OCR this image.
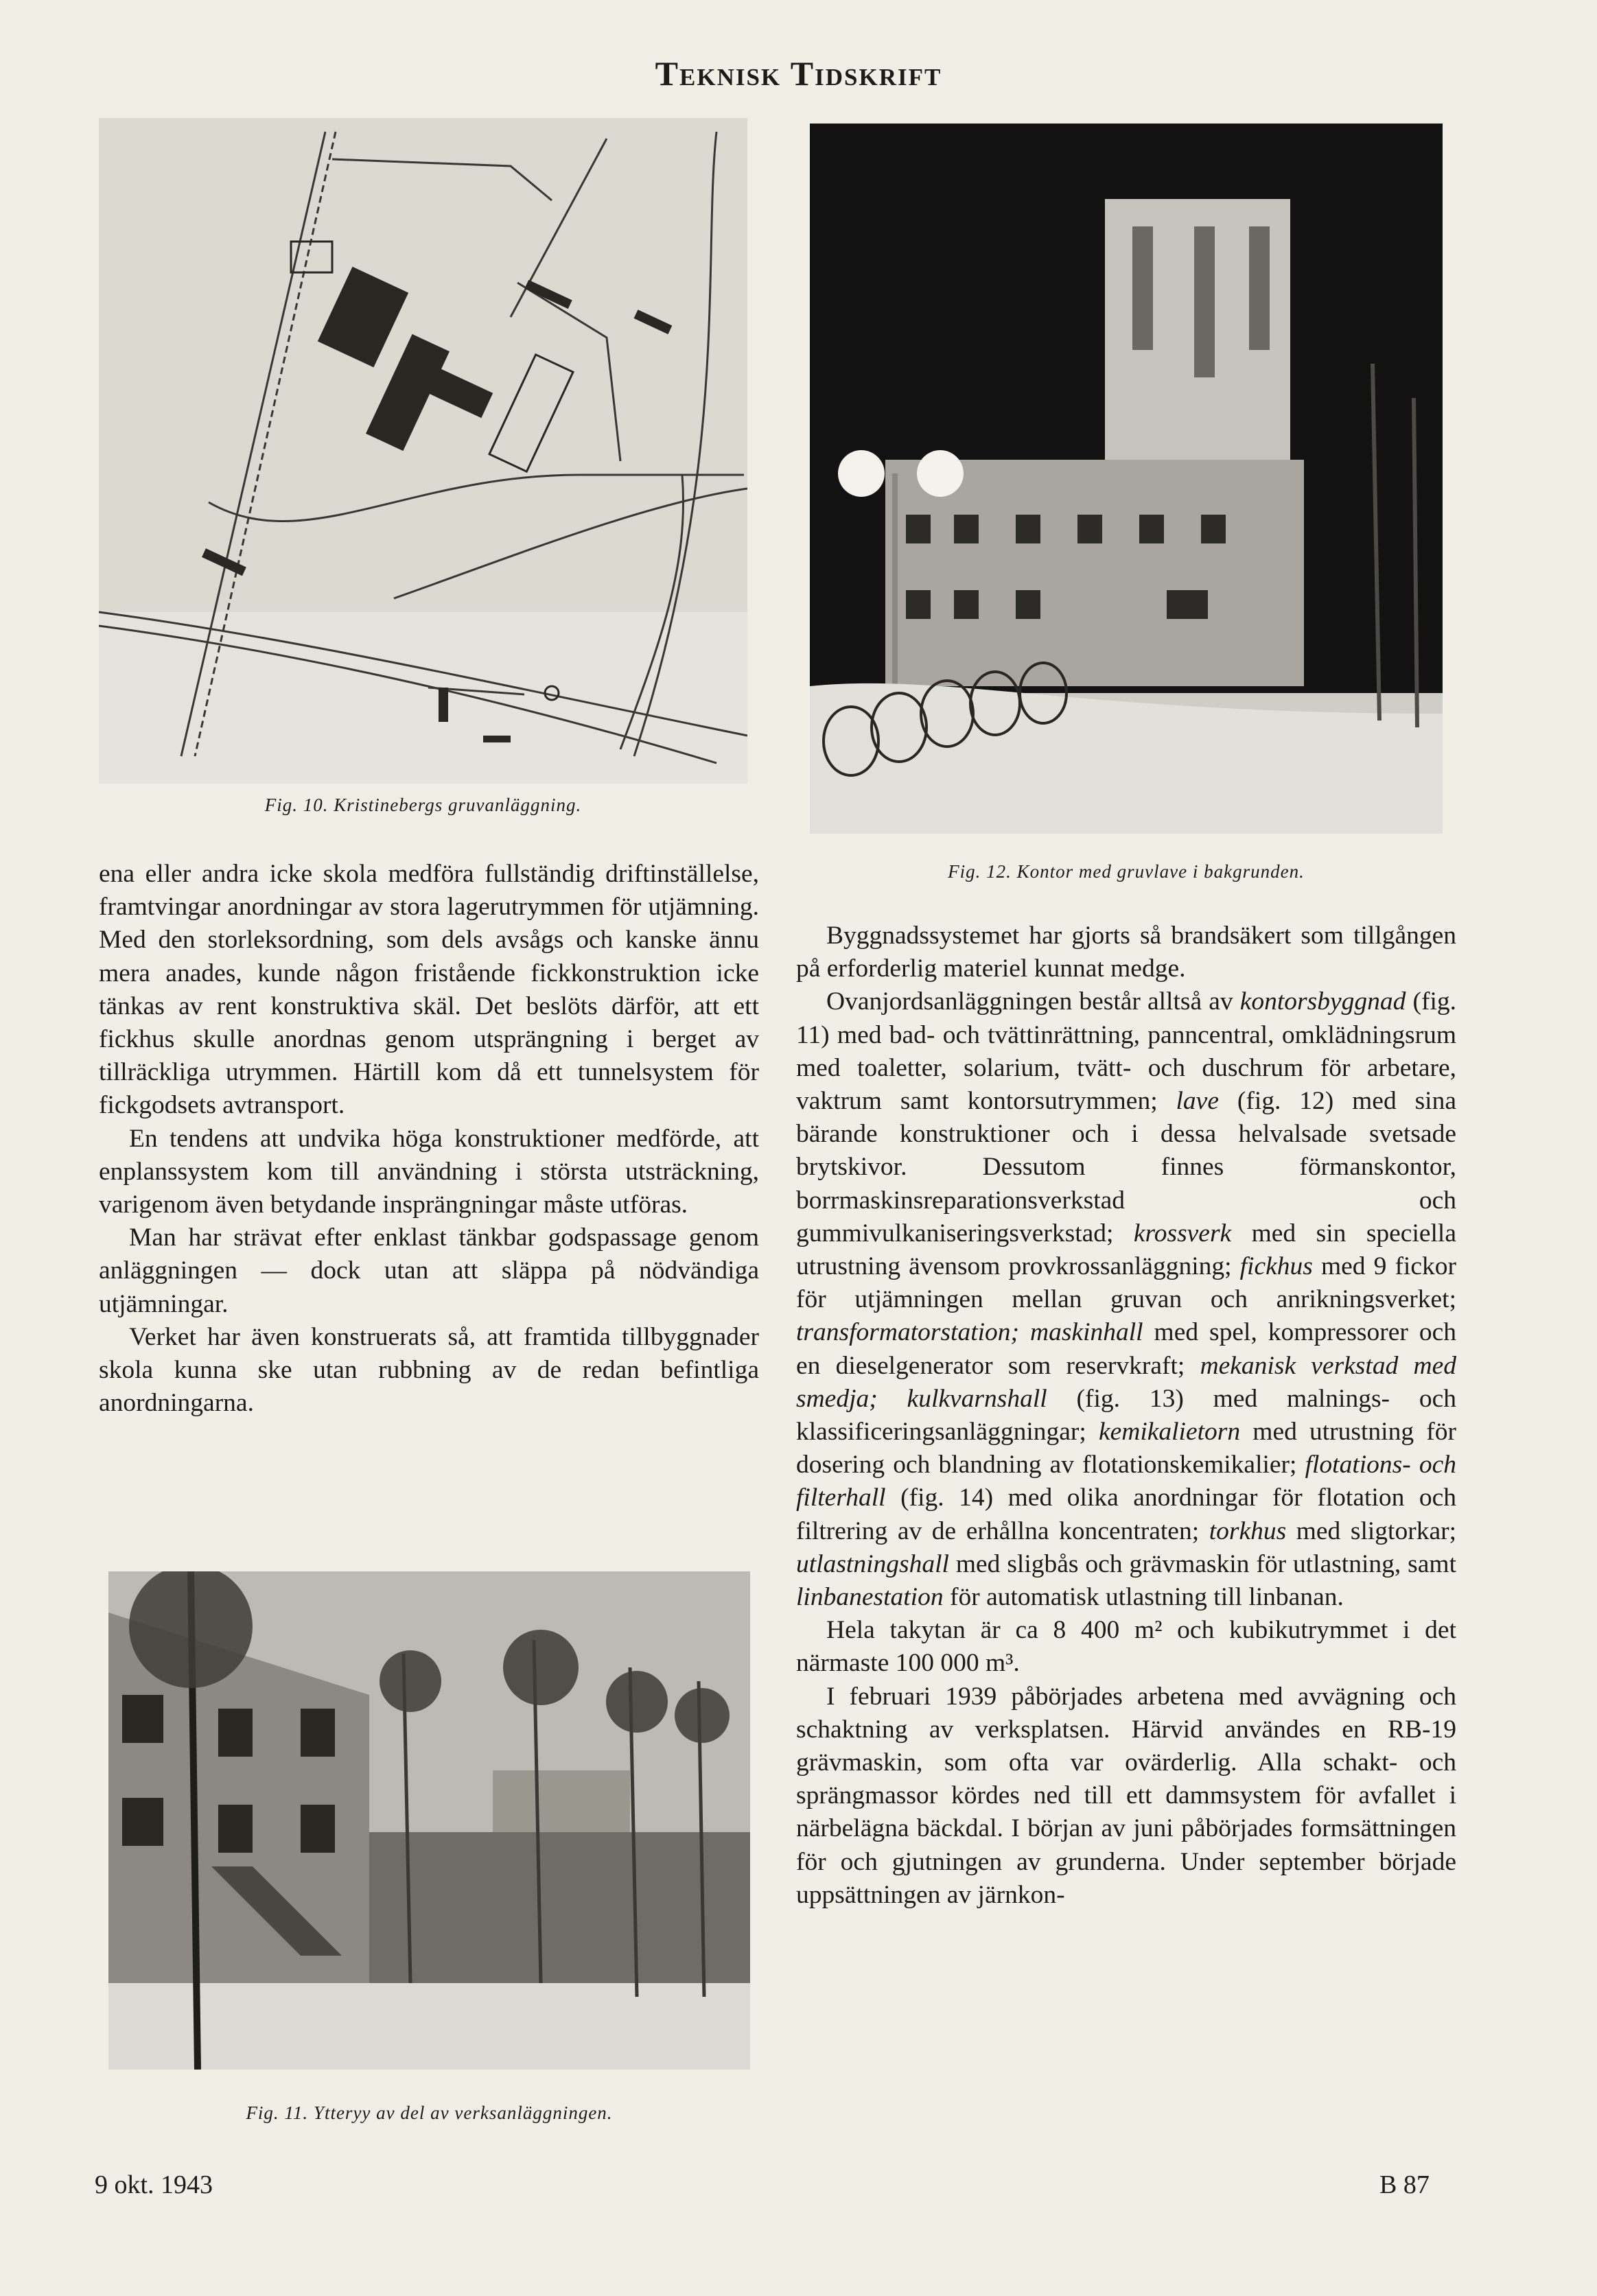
Teknisk Tidskrift
Fig. 10. Kristinebergs gruvanläggning.
Fig. 12. Kontor med gruvlave i bakgrunden.

ena eller andra icke skola medföra fullständig driftinställelse, framtvingar anordningar av stora lagerutrymmen för utjämning. Med den storleksordning, som dels avsågs och kanske ännu mera anades, kunde någon fristående fickkonstruktion icke tänkas av rent konstruktiva skäl. Det beslöts därför, att ett fickhus skulle anordnas genom utsprängning i berget av tillräckliga utrymmen. Härtill kom då ett tunnelsystem för fickgodsets avtransport.

En tendens att undvika höga konstruktioner medförde, att enplanssystem kom till användning i största utsträckning, varigenom även betydande insprängningar måste utföras.

Man har strävat efter enklast tänkbar godspassage genom anläggningen — dock utan att släppa på nödvändiga utjämningar.

Verket har även konstruerats så, att framtida tillbyggnader skola kunna ske utan rubbning av de redan befintliga anordningarna.

Fig. 11. Ytteryy av del av verksanläggningen.

Byggnadssystemet har gjorts så brandsäkert som tillgången på erforderlig materiel kunnat medge.

Ovanjordsanläggningen består alltså av kontorsbyggnad (fig. 11) med bad- och tvättinrättning, panncentral, omklädningsrum med toaletter, solarium, tvätt- och duschrum för arbetare, vaktrum samt kontorsutrymmen; lave (fig. 12) med sina bärande konstruktioner och i dessa helvalsade svetsade brytskivor. Dessutom finnes förmanskontor, borrmaskinsreparationsverkstad och gummivulkaniseringsverkstad; krossverk med sin speciella utrustning ävensom provkrossanläggning; fickhus med 9 fickor för utjämningen mellan gruvan och anrikningsverket; transformatorstation; maskinhall med spel, kompressorer och en dieselgenerator som reservkraft; mekanisk verkstad med smedja; kulkvarnshall (fig. 13) med malnings- och klassificeringsanläggningar; kemikalietorn med utrustning för dosering och blandning av flotationskemikalier; flotations- och filterhall (fig. 14) med olika anordningar för flotation och filtrering av de erhållna koncentraten; torkhus med sligtorkar; utlastningshall med sligbås och grävmaskin för utlastning, samt linbanestation för automatisk utlastning till linbanan.

Hela takytan är ca 8 400 m² och kubikutrymmet i det närmaste 100 000 m³.

I februari 1939 påbörjades arbetena med avvägning och schaktning av verksplatsen. Härvid användes en RB-19 grävmaskin, som ofta var ovärderlig. Alla schakt- och sprängmassor kördes ned till ett dammsystem för avfallet i närbelägna bäckdal. I början av juni påbörjades formsättningen för och gjutningen av grunderna. Under september började uppsättningen av järnkon-

9 okt. 1943	B 87
